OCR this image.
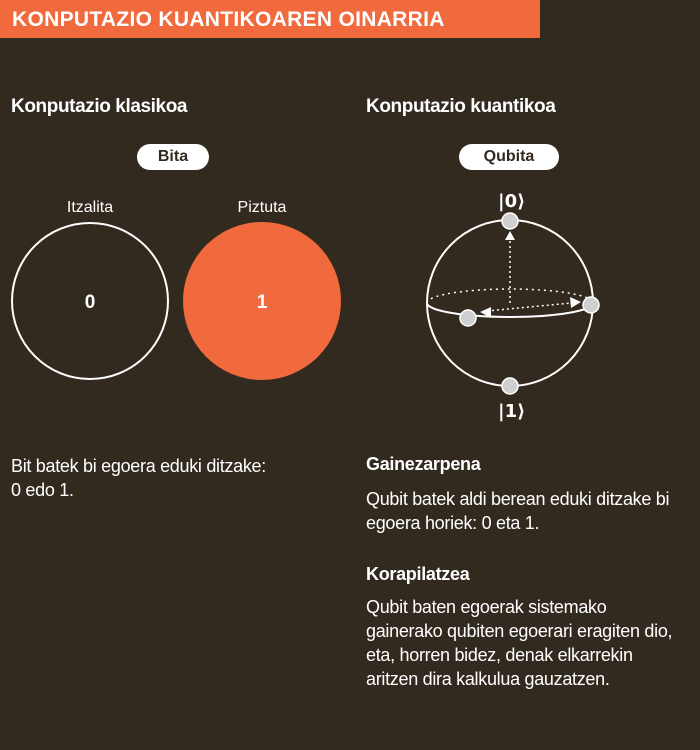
KONPUTAZIO KUANTIKOAREN OINARRIA
Konputazio klasikoa
Bita
Itzalita	Piztuta
0	1
Bit batek bi egoera eduki ditzake: 0 edo 1.
Konputazio kuantikoa
Qubita
|0⟩
|1⟩
Gainezarpena
Qubit batek aldi berean eduki ditzake bi egoera horiek: 0 eta 1.
Korapilatzea
Qubit baten egoerak sistemako gainerako qubiten egoerari eragiten dio, eta, horren bidez, denak elkarrekin aritzen dira kalkulua gauzatzen.
